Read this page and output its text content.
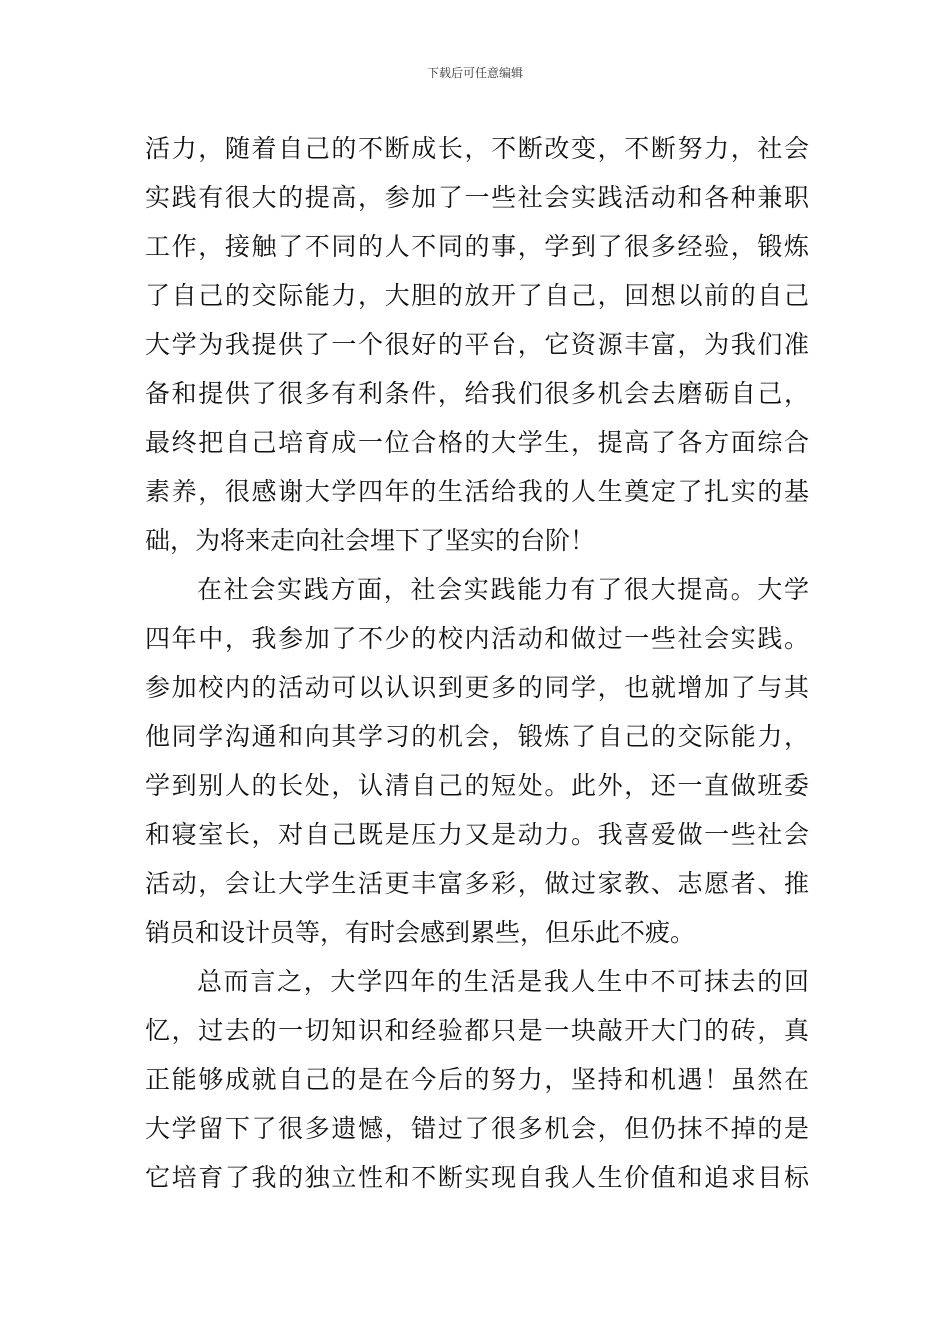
下载后可任意编辑
活力，随着自己的不断成长，不断改变，不断努力，社会
实践有很大的提高，参加了一些社会实践活动和各种兼职
工作，接触了不同的人不同的事，学到了很多经验，锻炼
了自己的交际能力，大胆的放开了自己，回想以前的自己
大学为我提供了一个很好的平台，它资源丰富，为我们准
备和提供了很多有利条件，给我们很多机会去磨砺自己，
最终把自己培育成一位合格的大学生，提高了各方面综合
素养，很感谢大学四年的生活给我的人生奠定了扎实的基
础，为将来走向社会埋下了坚实的台阶！
在社会实践方面，社会实践能力有了很大提高。大学
四年中，我参加了不少的校内活动和做过一些社会实践。
参加校内的活动可以认识到更多的同学，也就增加了与其
他同学沟通和向其学习的机会，锻炼了自己的交际能力，
学到别人的长处，认清自己的短处。此外，还一直做班委
和寝室长，对自己既是压力又是动力。我喜爱做一些社会
活动，会让大学生活更丰富多彩，做过家教、志愿者、推
销员和设计员等，有时会感到累些，但乐此不疲。
总而言之，大学四年的生活是我人生中不可抹去的回
忆，过去的一切知识和经验都只是一块敲开大门的砖，真
正能够成就自己的是在今后的努力，坚持和机遇！虽然在
大学留下了很多遗憾，错过了很多机会，但仍抹不掉的是
它培育了我的独立性和不断实现自我人生价值和追求目标
